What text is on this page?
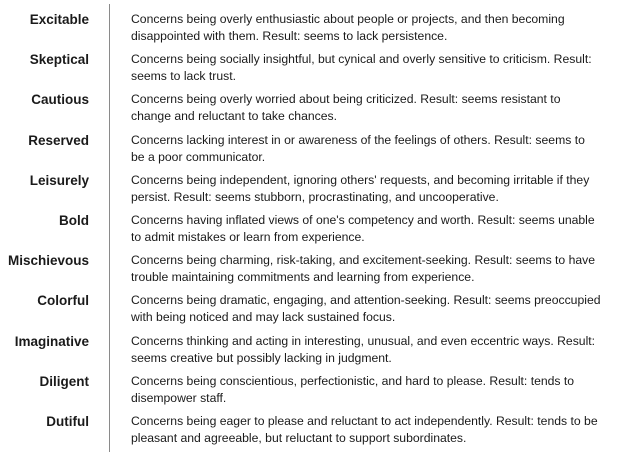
Excitable	Concerns being overly enthusiastic about people or projects, and then becoming disappointed with them. Result: seems to lack persistence.
Skeptical	Concerns being socially insightful, but cynical and overly sensitive to criticism. Result: seems to lack trust.
Cautious	Concerns being overly worried about being criticized. Result: seems resistant to change and reluctant to take chances.
Reserved	Concerns lacking interest in or awareness of the feelings of others. Result: seems to be a poor communicator.
Leisurely	Concerns being independent, ignoring others' requests, and becoming irritable if they persist. Result: seems stubborn, procrastinating, and uncooperative.
Bold	Concerns having inflated views of one's competency and worth. Result: seems unable to admit mistakes or learn from experience.
Mischievous	Concerns being charming, risk-taking, and excitement-seeking. Result: seems to have trouble maintaining commitments and learning from experience.
Colorful	Concerns being dramatic, engaging, and attention-seeking. Result: seems preoccupied with being noticed and may lack sustained focus.
Imaginative	Concerns thinking and acting in interesting, unusual, and even eccentric ways. Result: seems creative but possibly lacking in judgment.
Diligent	Concerns being conscientious, perfectionistic, and hard to please. Result: tends to disempower staff.
Dutiful	Concerns being eager to please and reluctant to act independently. Result: tends to be pleasant and agreeable, but reluctant to support subordinates.
